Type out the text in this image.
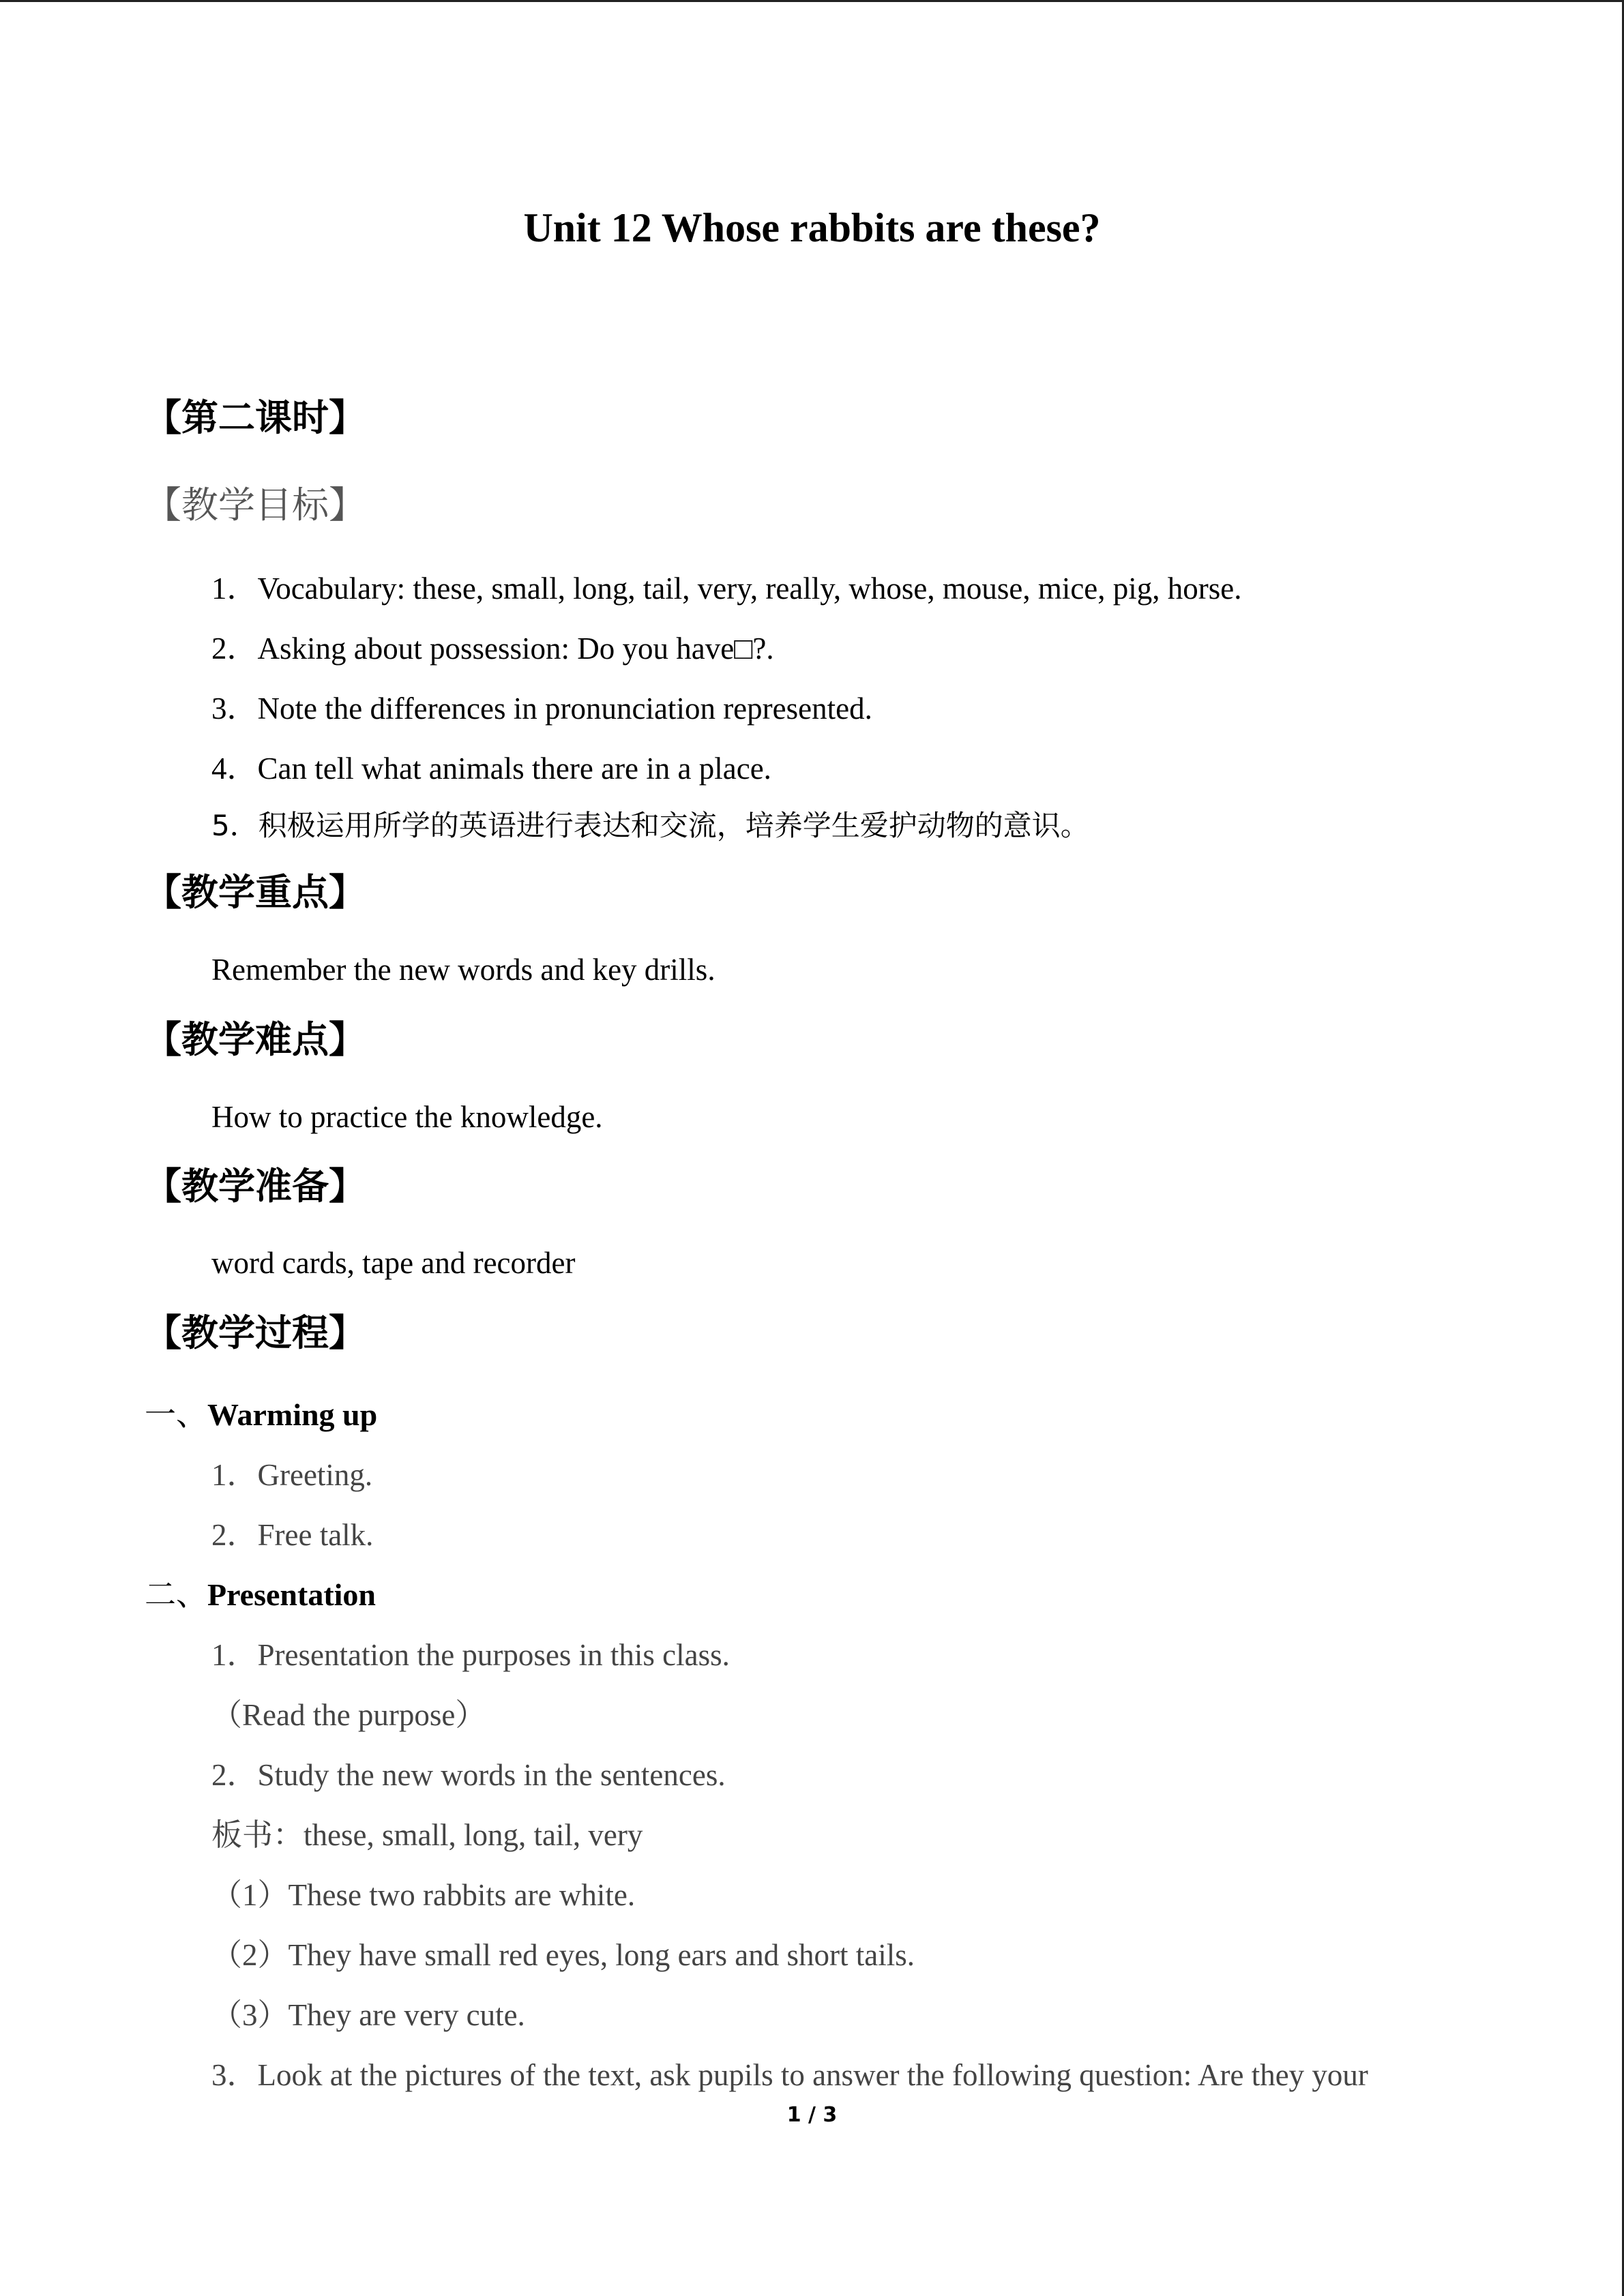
Unit 12 Whose rabbits are these?
【第二课时】
【教学目标】
1．Vocabulary: these, small, long, tail, very, really, whose, mouse, mice, pig, horse.
2．Asking about possession: Do you have□?.
3．Note the differences in pronunciation represented.
4．Can tell what animals there are in a place.
5．积极运用所学的英语进行表达和交流，培养学生爱护动物的意识。
【教学重点】
Remember the new words and key drills.
【教学难点】
How to practice the knowledge.
【教学准备】
word cards, tape and recorder
【教学过程】
一、Warming up
1．Greeting.
2．Free talk.
二、Presentation
1．Presentation the purposes in this class.
（Read the purpose）
2．Study the new words in the sentences.
板书：these, small, long, tail, very
（1）These two rabbits are white.
（2）They have small red eyes, long ears and short tails.
（3）They are very cute.
3．Look at the pictures of the text, ask pupils to answer the following question: Are they your
1 / 3
